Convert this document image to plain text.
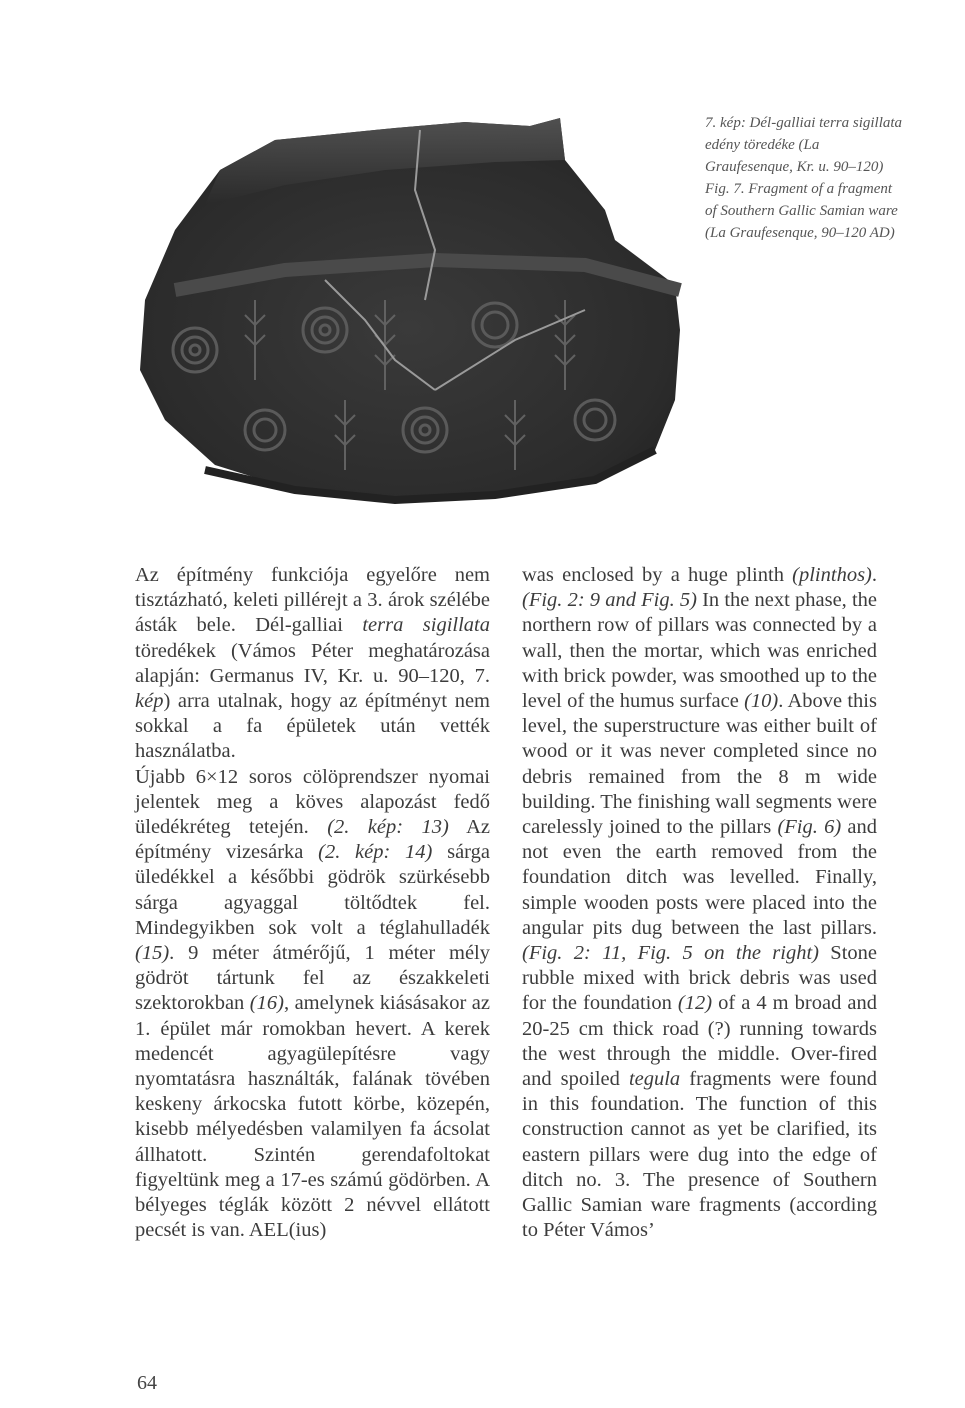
7. kép: Dél-galliai terra sigillata edény töredéke (La Graufesenque, Kr. u. 90–120)

Fig. 7. Fragment of a fragment of Southern Gallic Samian ware (La Graufesenque, 90–120 AD)

Az építmény funkciója egyelőre nem tisztázható, keleti pillérejt a 3. árok szélébe ásták bele. Dél-galliai terra sigillata töredékek (Vámos Péter meghatározása alapján: Germanus IV, Kr. u. 90–120, 7. kép) arra utalnak, hogy az építményt nem sokkal a fa épületek után vették használatba.

Újabb 6×12 soros cölöprendszer nyomai jelentek meg a köves alapozást fedő üledékréteg tetején. (2. kép: 13) Az építmény vizesárka (2. kép: 14) sárga üledékkel a későbbi gödrök szürkésebb sárga agyaggal töltődtek fel. Mindegyikben sok volt a téglahulladék (15). 9 méter átmérőjű, 1 méter mély gödröt tártunk fel az északkeleti szektorokban (16), amelynek kiásásakor az 1. épület már romokban hevert. A kerek medencét agyagülepítésre vagy nyomtatásra használták, falának tövében keskeny árkocska futott körbe, közepén, kisebb mélyedésben valamilyen fa ácsolat állhatott. Szintén gerendafoltokat figyeltünk meg a 17-es számú gödörben. A bélyeges téglák között 2 névvel ellátott pecsét is van. AEL(ius)

was enclosed by a huge plinth (plinthos). (Fig. 2: 9 and Fig. 5) In the next phase, the northern row of pillars was connected by a wall, then the mortar, which was enriched with brick powder, was smoothed up to the level of the humus surface (10). Above this level, the superstructure was either built of wood or it was never completed since no debris remained from the 8 m wide building. The finishing wall segments were carelessly joined to the pillars (Fig. 6) and not even the earth removed from the foundation ditch was levelled. Finally, simple wooden posts were placed into the angular pits dug between the last pillars. (Fig. 2: 11, Fig. 5 on the right) Stone rubble mixed with brick debris was used for the foundation (12) of a 4 m broad and 20-25 cm thick road (?) running towards the west through the middle. Over-fired and spoiled tegula fragments were found in this foundation. The function of this construction cannot as yet be clarified, its eastern pillars were dug into the edge of ditch no. 3. The presence of Southern Gallic Samian ware fragments (according to Péter Vámos’

64
